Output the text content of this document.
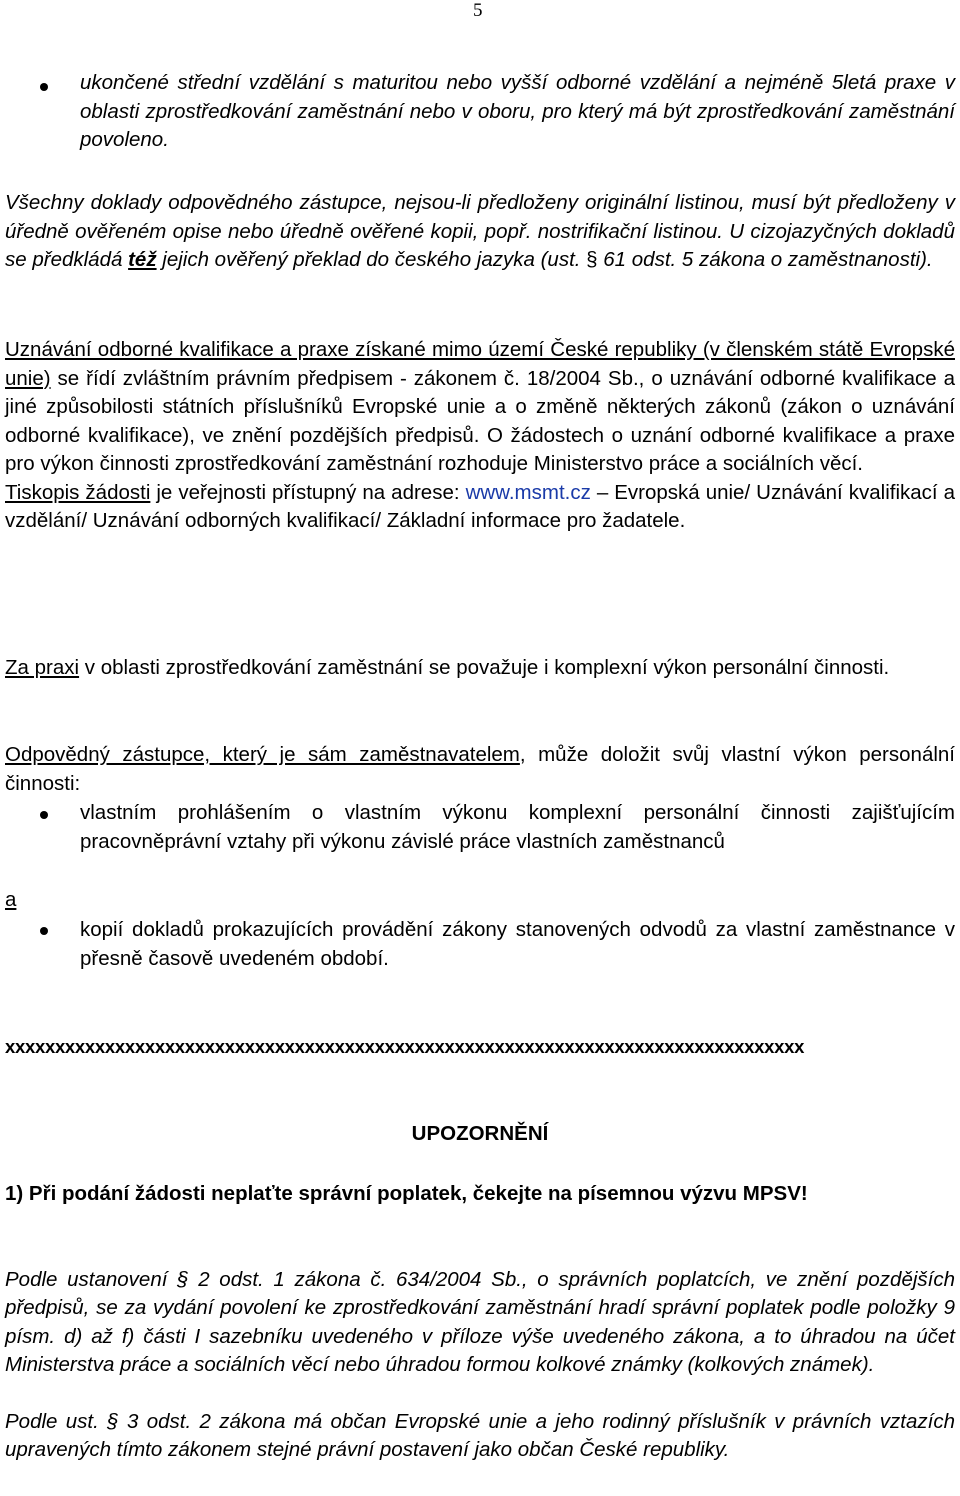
5
ukončené střední vzdělání s maturitou nebo vyšší odborné vzdělání a nejméně 5letá praxe v oblasti zprostředkování zaměstnání nebo v oboru, pro který má být zprostředkování zaměstnání povoleno.
Všechny doklady odpovědného zástupce, nejsou-li předloženy originální listinou, musí být předloženy v úředně ověřeném opise nebo úředně ověřené kopii, popř. nostrifikační listinou. U cizojazyčných dokladů se předkládá též jejich ověřený překlad do českého jazyka (ust. § 61 odst. 5 zákona o zaměstnanosti).
Uznávání odborné kvalifikace a praxe získané mimo území České republiky (v členském státě Evropské unie) se řídí zvláštním právním předpisem - zákonem č. 18/2004 Sb., o uznávání odborné kvalifikace a jiné způsobilosti státních příslušníků Evropské unie a o změně některých zákonů (zákon o uznávání odborné kvalifikace), ve znění pozdějších předpisů. O žádostech o uznání odborné kvalifikace a praxe pro výkon činnosti zprostředkování zaměstnání rozhoduje Ministerstvo práce a sociálních věcí.
Tiskopis žádosti je veřejnosti přístupný na adrese: www.msmt.cz – Evropská unie/ Uznávání kvalifikací a vzdělání/ Uznávání odborných kvalifikací/ Základní informace pro žadatele.
Za praxi v oblasti zprostředkování zaměstnání se považuje i komplexní výkon personální činnosti.
Odpovědný zástupce, který je sám zaměstnavatelem, může doložit svůj vlastní výkon personální činnosti:
vlastním prohlášením o vlastním výkonu komplexní personální činnosti zajišťujícím pracovněprávní vztahy při výkonu závislé práce vlastních zaměstnanců
a
kopií dokladů prokazujících provádění zákony stanovených odvodů za vlastní zaměstnance v přesně časově uvedeném období.
xxxxxxxxxxxxxxxxxxxxxxxxxxxxxxxxxxxxxxxxxxxxxxxxxxxxxxxxxxxxxxxxxxxxxxxxxxxxxxxx
UPOZORNĚNÍ
1) Při podání žádosti neplaťte správní poplatek, čekejte na písemnou výzvu MPSV!
Podle ustanovení § 2 odst. 1 zákona č. 634/2004 Sb., o správních poplatcích, ve znění pozdějších předpisů, se za vydání povolení ke zprostředkování zaměstnání hradí správní poplatek podle položky 9 písm. d) až f) části I sazebníku uvedeného v příloze výše uvedeného zákona, a to úhradou na účet Ministerstva práce a sociálních věcí nebo úhradou formou kolkové známky (kolkových známek).
Podle ust. § 3 odst. 2 zákona má občan Evropské unie a jeho rodinný příslušník v právních vztazích upravených tímto zákonem stejné právní postavení jako občan České republiky.
